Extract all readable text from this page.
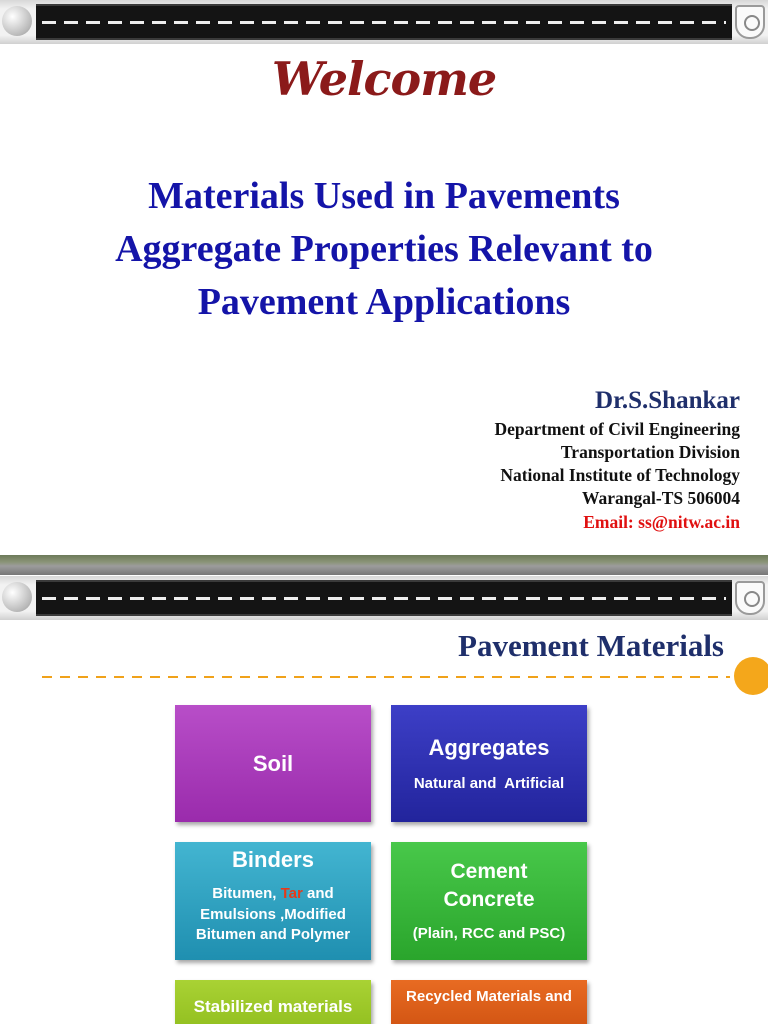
Welcome
Materials Used in Pavements
Aggregate Properties Relevant to
Pavement Applications
Dr.S.Shankar
Department of Civil Engineering
Transportation Division
National Institute of Technology
Warangal-TS 506004
Email: ss@nitw.ac.in
Pavement Materials
Soil
Aggregates
Natural and  Artificial
Binders
Bitumen, Tar and Emulsions ,Modified Bitumen and Polymer
Cement
Concrete
(Plain, RCC and PSC)
Stabilized materials
Recycled Materials and
